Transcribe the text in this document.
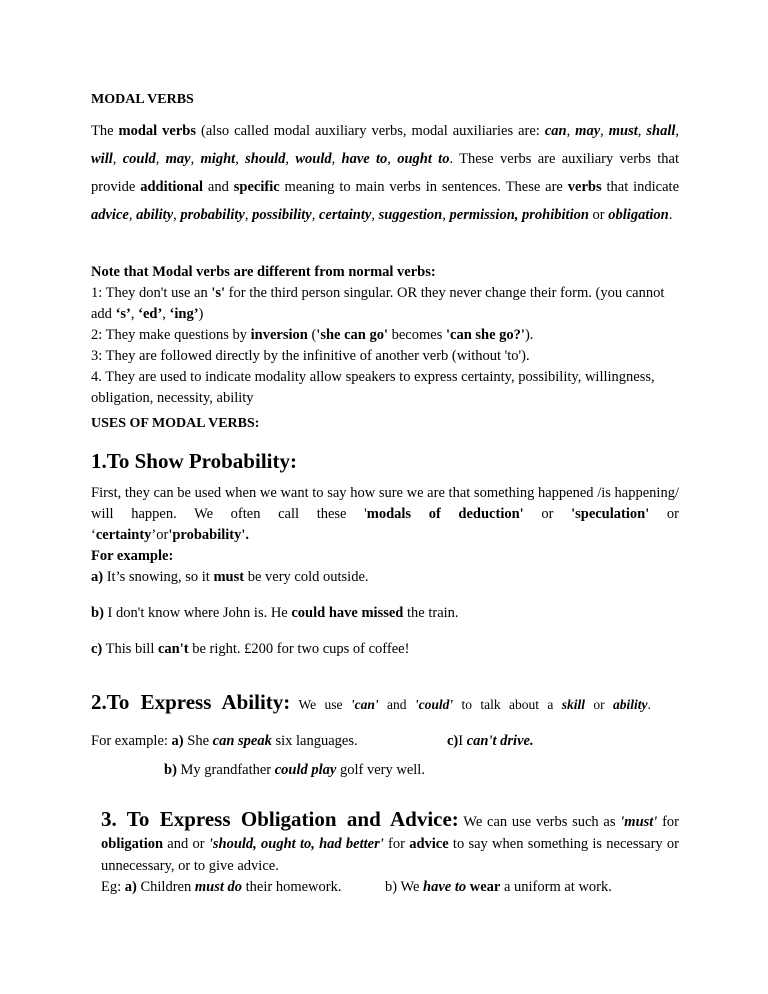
MODAL VERBS

The modal verbs (also called modal auxiliary verbs, modal auxiliaries are: can, may, must, shall, will, could, may, might, should, would, have to, ought to. These verbs are auxiliary verbs that provide additional and specific meaning to main verbs in sentences. These are verbs that indicate advice, ability, probability, possibility, certainty, suggestion, permission, prohibition or obligation.

Note that Modal verbs are different from normal verbs:

1: They don't use an 's' for the third person singular. OR they never change their form. (you cannot add ‘s’, ‘ed’, ‘ing’)

2: They make questions by inversion ('she can go' becomes 'can she go?').

3: They are followed directly by the infinitive of another verb (without 'to').

4. They are used to indicate modality allow speakers to express certainty, possibility, willingness, obligation, necessity, ability

USES OF MODAL VERBS:

1.To Show Probability:

First, they can be used when we want to say how sure we are that something happened /is happening/ will happen. We often call these 'modals of deduction' or 'speculation' or ‘certainty’or'probability'.

For example:

a) It’s snowing, so it must be very cold outside.

b) I don't know where John is. He could have missed the train.

c) This bill can't be right. £200 for two cups of coffee!

2.To Express Ability: We use 'can' and 'could' to talk about a skill or ability.

For example: a) She can speak six languages.	c)I can't drive.

b) My grandfather could play golf very well.

3. To Express Obligation and Advice: We can use verbs such as 'must' for obligation and or 'should, ought to, had better' for advice to say when something is necessary or unnecessary, or to give advice.

Eg: a) Children must do their homework.	b) We have to wear a uniform at work.
